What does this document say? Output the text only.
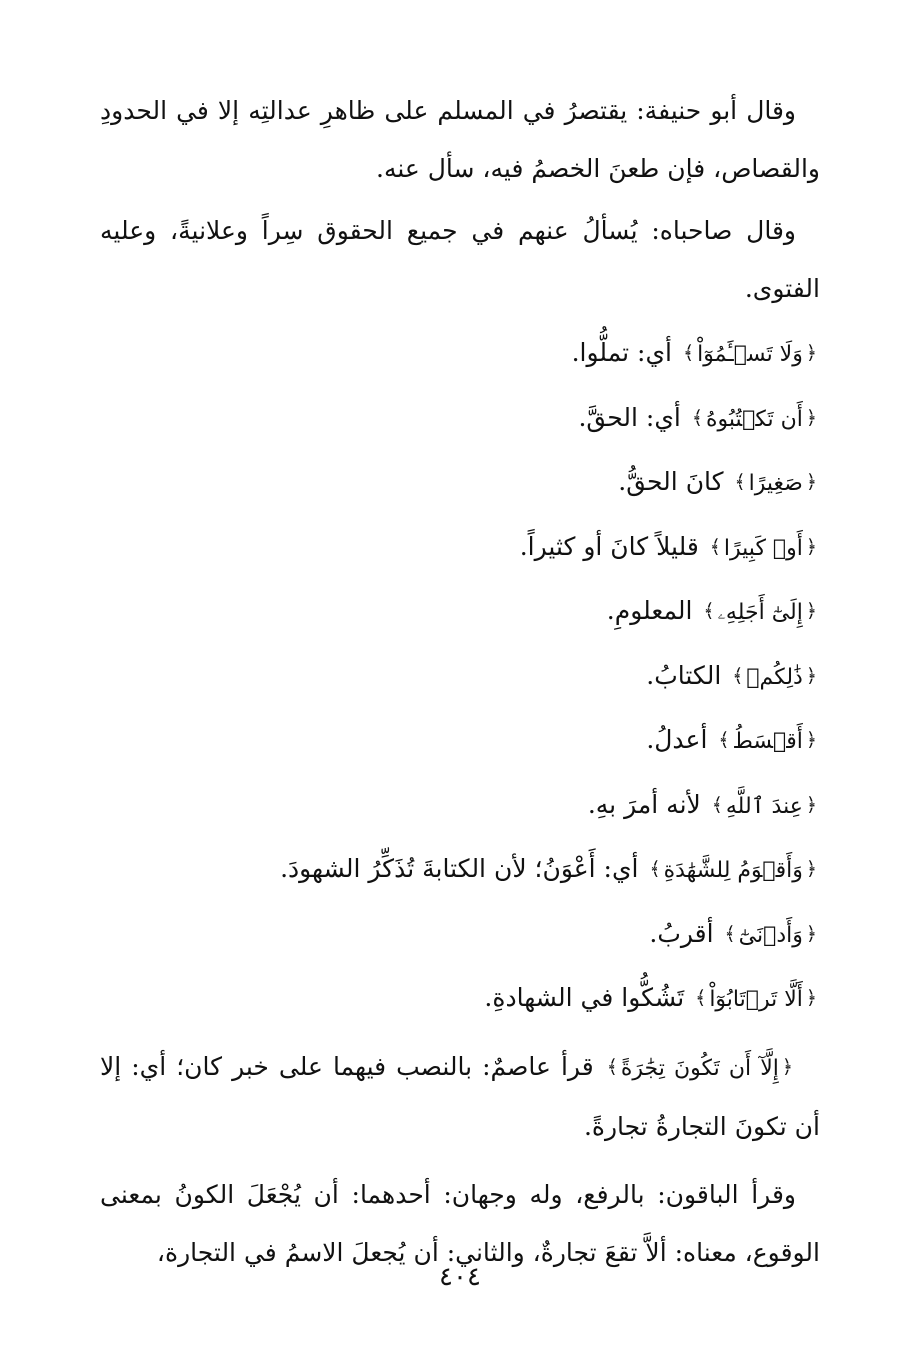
وقال أبو حنيفة: يقتصرُ في المسلم على ظاهرِ عدالتِه إلا في الحدودِ والقصاص، فإن طعنَ الخصمُ فيه، سأل عنه.

وقال صاحباه: يُسألُ عنهم في جميع الحقوق سِراً وعلانيةً، وعليه الفتوى.

﴿وَلَا تَسۡـَٔمُوٓاْ﴾ أي: تملُّوا.

﴿أَن تَكۡتُبُوهُ﴾ أي: الحقَّ.

﴿صَغِيرًا﴾ كانَ الحقُّ.

﴿أَوۡ كَبِيرًا﴾ قليلاً كانَ أو كثيراً.

﴿إِلَىٰٓ أَجَلِهِۦ﴾ المعلومِ.

﴿ذَٰلِكُمۡ﴾ الكتابُ.

﴿أَقۡسَطُ﴾ أعدلُ.

﴿عِندَ ٱللَّهِ﴾ لأنه أمرَ بهِ.

﴿وَأَقۡوَمُ لِلشَّهَٰدَةِ﴾ أي: أَعْوَنُ؛ لأن الكتابةَ تُذَكِّرُ الشهودَ.

﴿وَأَدۡنَىٰٓ﴾ أقربُ.

﴿أَلَّا تَرۡتَابُوٓاْ﴾ تَشُكُّوا في الشهادةِ.

﴿إِلَّآ أَن تَكُونَ تِجَٰرَةً﴾ قرأ عاصمٌ: بالنصب فيهما على خبر كان؛ أي: إلا أن تكونَ التجارةُ تجارةً.

وقرأ الباقون: بالرفع، وله وجهان: أحدهما: أن يُجْعَلَ الكونُ بمعنى الوقوع، معناه: ألاَّ تقعَ تجارةٌ، والثاني: أن يُجعلَ الاسمُ في التجارة،

٤٠٤
